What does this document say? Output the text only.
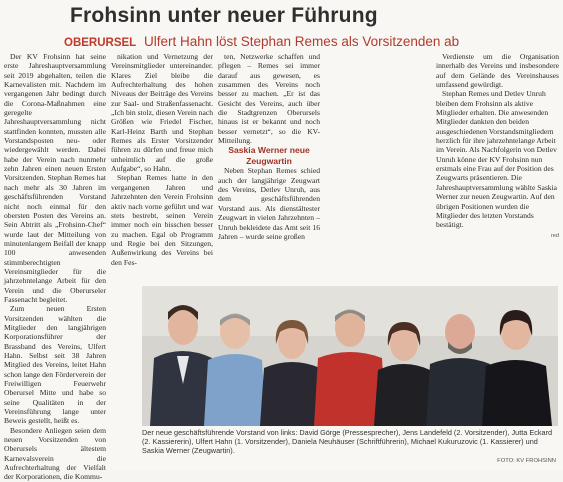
Frohsinn unter neuer Führung
OBERURSEL Ulfert Hahn löst Stephan Remes als Vorsitzenden ab

Der KV Frohsinn hat seine erste Jahreshauptversammlung seit 2019 abgehalten, teilen die Karnevalisten mit. Nachdem im vergangenen Jahr bedingt durch die Corona-Maßnahmen eine geregelte Jahreshauptversammlung nicht stattfinden konnten, mussten alle Vorstandsposten neu- oder wiedergewählt werden. Dabei habe der Verein nach nunmehr zehn Jahren einen neuen Ersten Vorsitzenden. Stephan Remes hat nach mehr als 30 Jahren im geschäftsführenden Vorstand nicht noch einmal für den obersten Posten des Vereins an. Sein Abtritt als „Frohsinn-Chef“ wurde laut der Mitteilung von minutenlangem Beifall der knapp 100 anwesenden stimmberechtigten Vereinsmitglieder für die jahrzehntelange Arbeit für den Verein und die Oberurseler Fassenacht begleitet.

Zum neuen Ersten Vorsitzenden wählten die Mitglieder den langjährigen Korporationsführer der Brassband des Vereins, Ulfert Hahn. Selbst seit 38 Jahren Mitglied des Vereins, leitet Hahn schon lange den Förderverein der Freiwilligen Feuerwehr Oberursel Mitte und habe so seine Qualitäten in der Vereinsführung lange unter Beweis gestellt, heißt es.

Besondere Anliegen seien dem neuen Vorsitzenden von Oberursels ältestem Karnevalsverein die Aufrechterhaltung der Vielfalt der Korporationen, die Kommu-

nikation und Vernetzung der Vereinsmitglieder untereinander. Klares Ziel bleibe die Aufrechterhaltung des hohen Niveaus der Beiträge des Vereins zur Saal- und Straßenfassenacht. „Ich bin stolz, diesen Verein nach Größen wie Friedel Fischer, Karl-Heinz Barth und Stephan Remes als Erster Vorsitzender führen zu dürfen und freue mich unheimlich auf die große Aufgabe“, so Hahn.

Stephan Remes hatte in den vergangenen Jahren und Jahrzehnten den Verein Frohsinn aktiv nach vorne geführt und war stets bestrebt, seinen Verein immer noch ein bisschen besser zu machen. Egal ob Programm und Regie bei den Sitzungen, Außenwirkung des Vereins bei den Fes-

ten, Netzwerke schaffen und pflegen – Remes sei immer darauf aus gewesen, es zusammen des Vereins noch besser zu machen. „Er ist das Gesicht des Vereins, auch über die Stadtgrenzen Oberursels hinaus ist er bekannt und noch besser vernetzt“, so die KV-Mitteilung.

Saskia Werner neue Zeugwartin

Neben Stephan Remes schied auch der langjährige Zeugwart des Vereins, Detlev Unruh, aus dem geschäftsführenden Vorstand aus. Als dienstältester Zeugwart in vielen Jahrzehnten – Unruh bekleidete das Amt seit 16 Jahren – wurde seine großen

Verdienste um die Organisation innerhalb des Vereins und insbesondere auf dem Gelände des Vereinshauses umfassend gewürdigt.

Stephan Remes und Detlev Unruh bleiben dem Frohsinn als aktive Mitglieder erhalten. Die anwesenden Mitglieder dankten den beiden ausgeschiedenen Vorstandsmitgliedern herzlich für ihre jahrzehntelange Arbeit im Verein. Als Nachfolgerin von Detlev Unruh könne der KV Frohsinn nun erstmals eine Frau auf der Position des Zeugwarts präsentieren. Die Jahreshauptversammlung wählte Saskia Werner zur neuen Zeugwartin. Auf den übrigen Positionen wurden die Mitglieder des letzten Vorstands bestätigt.

red
Der neue geschäftsführende Vorstand von links: David Görge (Pressesprecher), Jens Landefeld (2. Vorsitzender), Jutta Eckard (2. Kassiererin), Ulfert Hahn (1. Vorsitzender), Daniela Neuhäuser (Schriftführerin), Michael Kukuruzovic (1. Kassierer) und Saskia Werner (Zeugwartin).
FOTO: KV FROHSINN
